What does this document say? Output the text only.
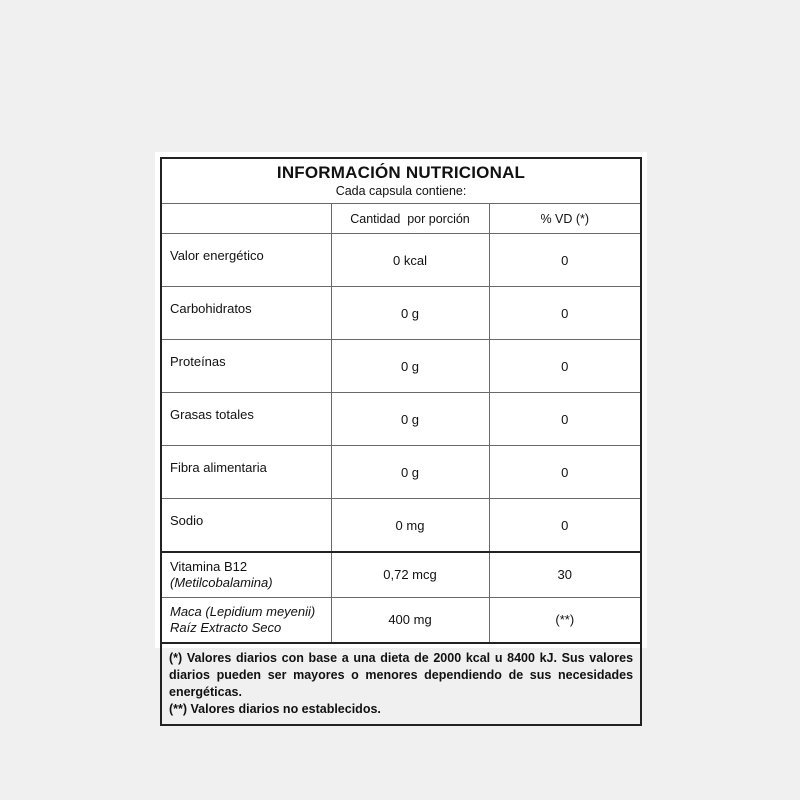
INFORMACIÓN NUTRICIONAL
Cada capsula contiene:		

	Cantidad  por porción	% VD (*)
Valor energético	0 kcal	0
Carbohidratos	0 g	0
Proteínas	0 g	0
Grasas totales	0 g	0
Fibra alimentaria	0 g	0
Sodio	0 mg	0

Vitamina B12
(Metilcobalamina)	0,72 mcg	30

Maca (Lepidium meyenii)
Raíz Extracto Seco	400 mg	(**)

(*) Valores diarios con base a una dieta de 2000 kcal u 8400 kJ. Sus valores diarios pueden ser mayores o menores dependiendo de sus necesidades energéticas.
(**) Valores diarios no establecidos.		
